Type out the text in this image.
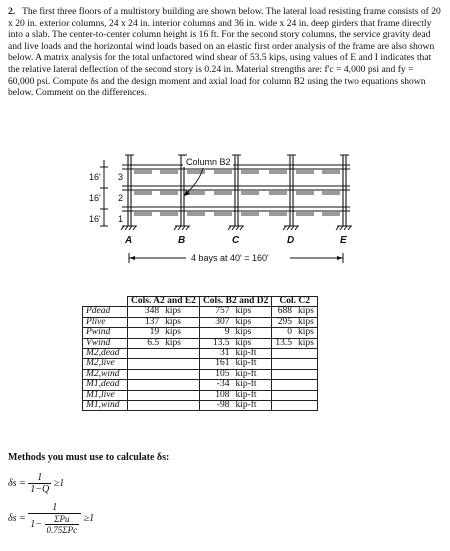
2. The first three floors of a multistory building are shown below. The lateral load resisting frame consists of 20 x 20 in. exterior columns, 24 x 24 in. interior columns and 36 in. wide x 24 in. deep girders that frame directly into a slab. The center-to-center column height is 16 ft. For the second story columns, the service gravity dead and live loads and the horizontal wind loads based on an elastic first order analysis of the frame are also shown below. A matrix analysis for the total unfactored wind shear of 53.5 kips, using values of E and I indicates that the relative lateral deflection of the second story is 0.24 in. Material strengths are: f'c = 4,000 psi and fy = 60,000 psi. Compute δs and the design moment and axial load for column B2 using the two equations shown below. Comment on the differences.
16' 3
16' 2
16' 1
Column B2
A	B	C	D	E
4 bays at 40' = 160'
	Cols. A2 and E2		Cols. B2 and D2		Col. C2	
Pdead	348	kips	757	kips	688	kips
Plive	137	kips	307	kips	295	kips
Pwind	19	kips	9	kips	0	kips
Vwind	6.5	kips	13.5	kips	13.5	kips
M2,dead			31	kip-ft		
M2,live			161	kip-ft		
M2,wind			105	kip-ft		
M1,dead			-34	kip-ft		
M1,live			108	kip-ft		
M1,wind			-98	kip-ft		
Methods you must use to calculate δs:
$\delta s = \frac{1}{1-Q} \ge 1$
$\delta s = \frac{1}{1- \frac{\text{ΣPu}}{\text{0.75ΣPc}}} \ge 1$
